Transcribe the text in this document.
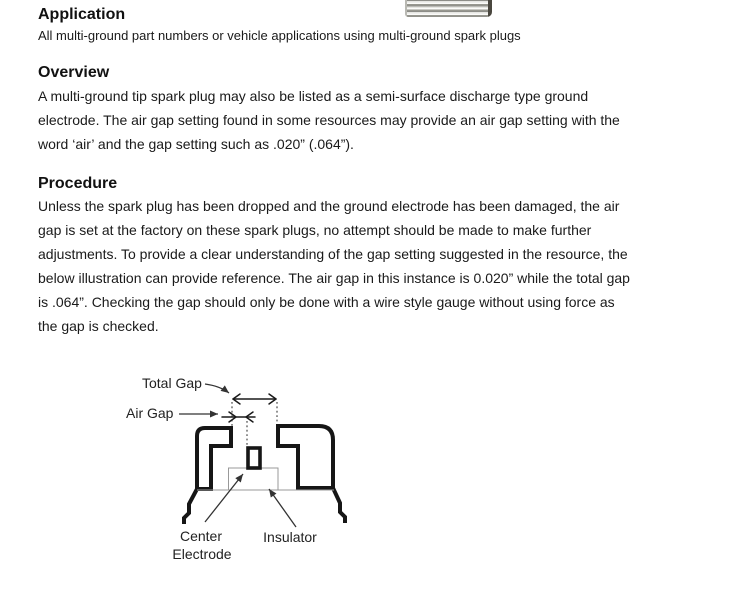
Application
All multi-ground part numbers or vehicle applications using multi-ground spark plugs
Overview
A multi-ground tip spark plug may also be listed as a semi-surface discharge type ground
electrode. The air gap setting found in some resources may provide an air gap setting with the
word ‘air’ and the gap setting such as .020” (.064”).
Procedure
Unless the spark plug has been dropped and the ground electrode has been damaged, the air
gap is set at the factory on these spark plugs, no attempt should be made to make further
adjustments. To provide a clear understanding of the gap setting suggested in the resource, the
below illustration can provide reference. The air gap in this instance is 0.020” while the total gap
is .064”. Checking the gap should only be done with a wire style gauge without using force as
the gap is checked.
Total Gap
Air Gap
Center
Electrode
Insulator
